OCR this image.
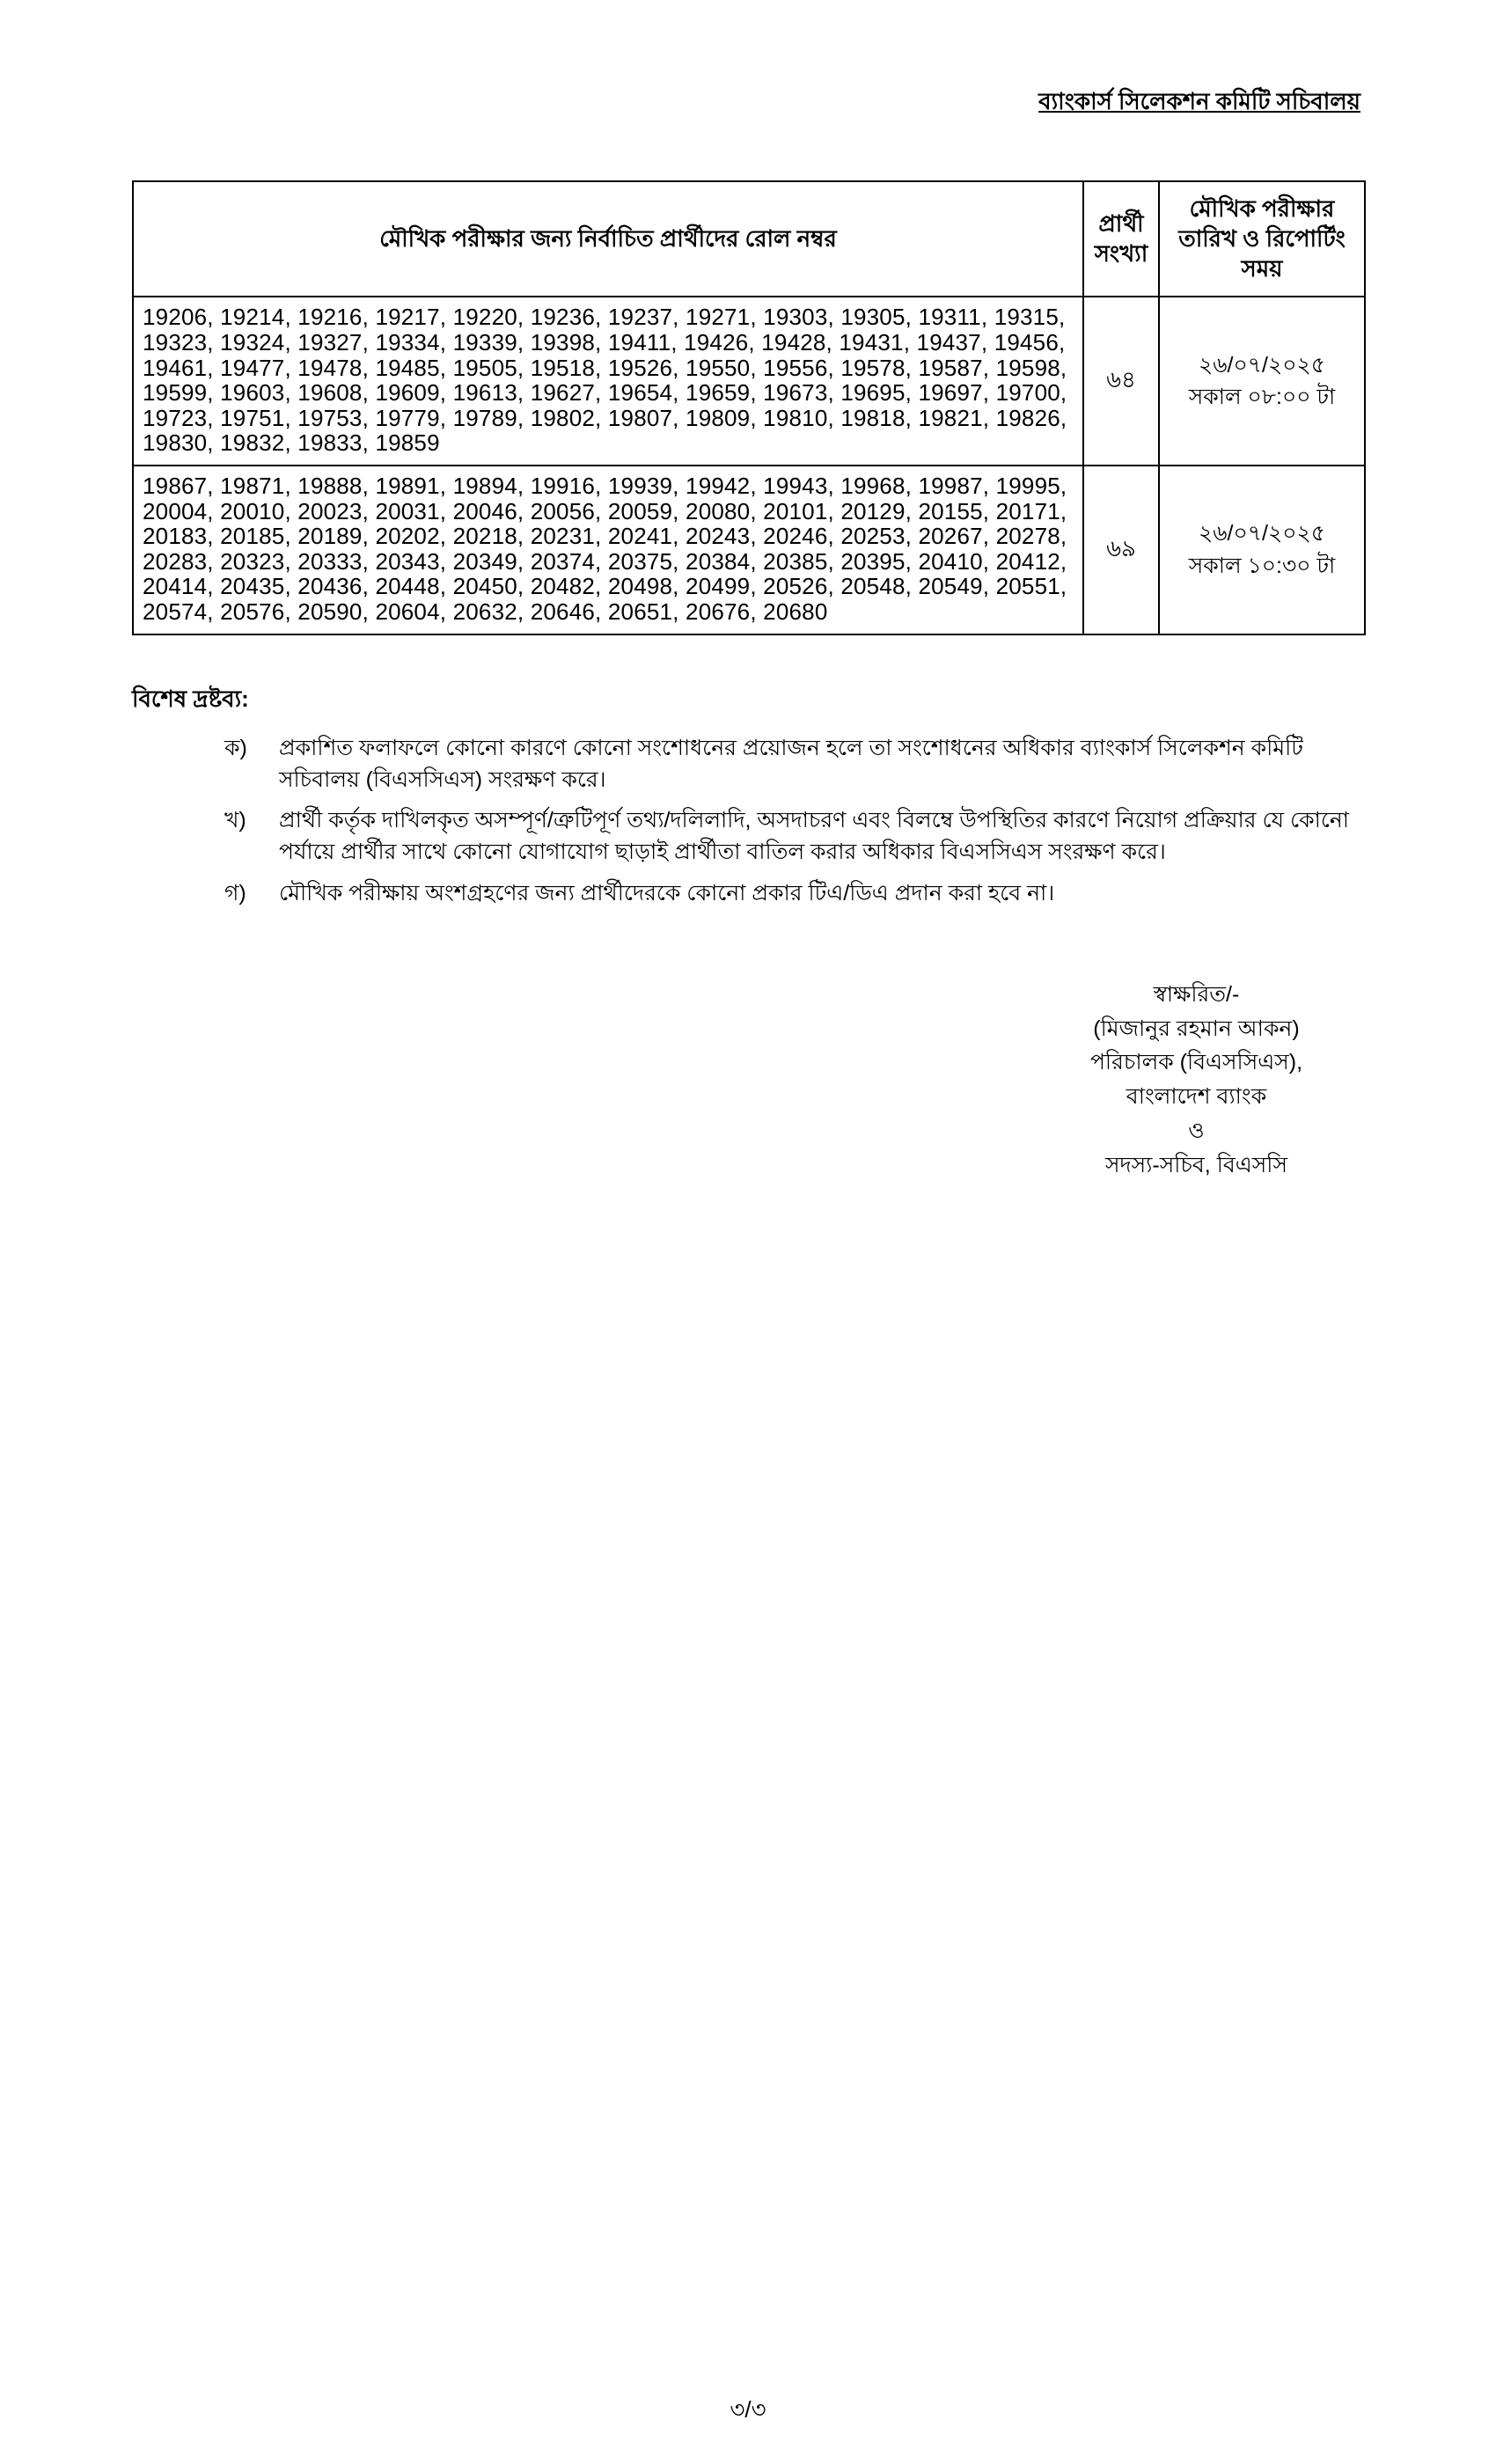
ব্যাংকার্স সিলেকশন কমিটি সচিবালয়
মৌখিক পরীক্ষার জন্য নির্বাচিত প্রার্থীদের রোল নম্বর	প্রার্থী সংখ্যা	মৌখিক পরীক্ষার তারিখ ও রিপোর্টিং সময়
19206, 19214, 19216, 19217, 19220, 19236, 19237, 19271, 19303, 19305, 19311, 19315, 19323, 19324, 19327, 19334, 19339, 19398, 19411, 19426, 19428, 19431, 19437, 19456, 19461, 19477, 19478, 19485, 19505, 19518, 19526, 19550, 19556, 19578, 19587, 19598, 19599, 19603, 19608, 19609, 19613, 19627, 19654, 19659, 19673, 19695, 19697, 19700, 19723, 19751, 19753, 19779, 19789, 19802, 19807, 19809, 19810, 19818, 19821, 19826, 19830, 19832, 19833, 19859	৬৪	২৬/০৭/২০২৫
সকাল ০৮:০০ টা

19867, 19871, 19888, 19891, 19894, 19916, 19939, 19942, 19943, 19968, 19987, 19995, 20004, 20010, 20023, 20031, 20046, 20056, 20059, 20080, 20101, 20129, 20155, 20171, 20183, 20185, 20189, 20202, 20218, 20231, 20241, 20243, 20246, 20253, 20267, 20278, 20283, 20323, 20333, 20343, 20349, 20374, 20375, 20384, 20385, 20395, 20410, 20412, 20414, 20435, 20436, 20448, 20450, 20482, 20498, 20499, 20526, 20548, 20549, 20551, 20574, 20576, 20590, 20604, 20632, 20646, 20651, 20676, 20680	৬৯	২৬/০৭/২০২৫
সকাল ১০:৩০ টা
বিশেষ দ্রষ্টব্য:
ক)	প্রকাশিত ফলাফলে কোনো কারণে কোনো সংশোধনের প্রয়োজন হলে তা সংশোধনের অধিকার ব্যাংকার্স সিলেকশন কমিটি সচিবালয় (বিএসসিএস) সংরক্ষণ করে।
খ)	প্রার্থী কর্তৃক দাখিলকৃত অসম্পূর্ণ/ত্রুটিপূর্ণ তথ্য/দলিলাদি, অসদাচরণ এবং বিলম্বে উপস্থিতির কারণে নিয়োগ প্রক্রিয়ার যে কোনো পর্যায়ে প্রার্থীর সাথে কোনো যোগাযোগ ছাড়াই প্রার্থীতা বাতিল করার অধিকার বিএসসিএস সংরক্ষণ করে।
গ)	মৌখিক পরীক্ষায় অংশগ্রহণের জন্য প্রার্থীদেরকে কোনো প্রকার টিএ/ডিএ প্রদান করা হবে না।
স্বাক্ষরিত/-
(মিজানুর রহমান আকন)
পরিচালক (বিএসসিএস),
বাংলাদেশ ব্যাংক
ও
সদস্য-সচিব, বিএসসি
৩/৩
